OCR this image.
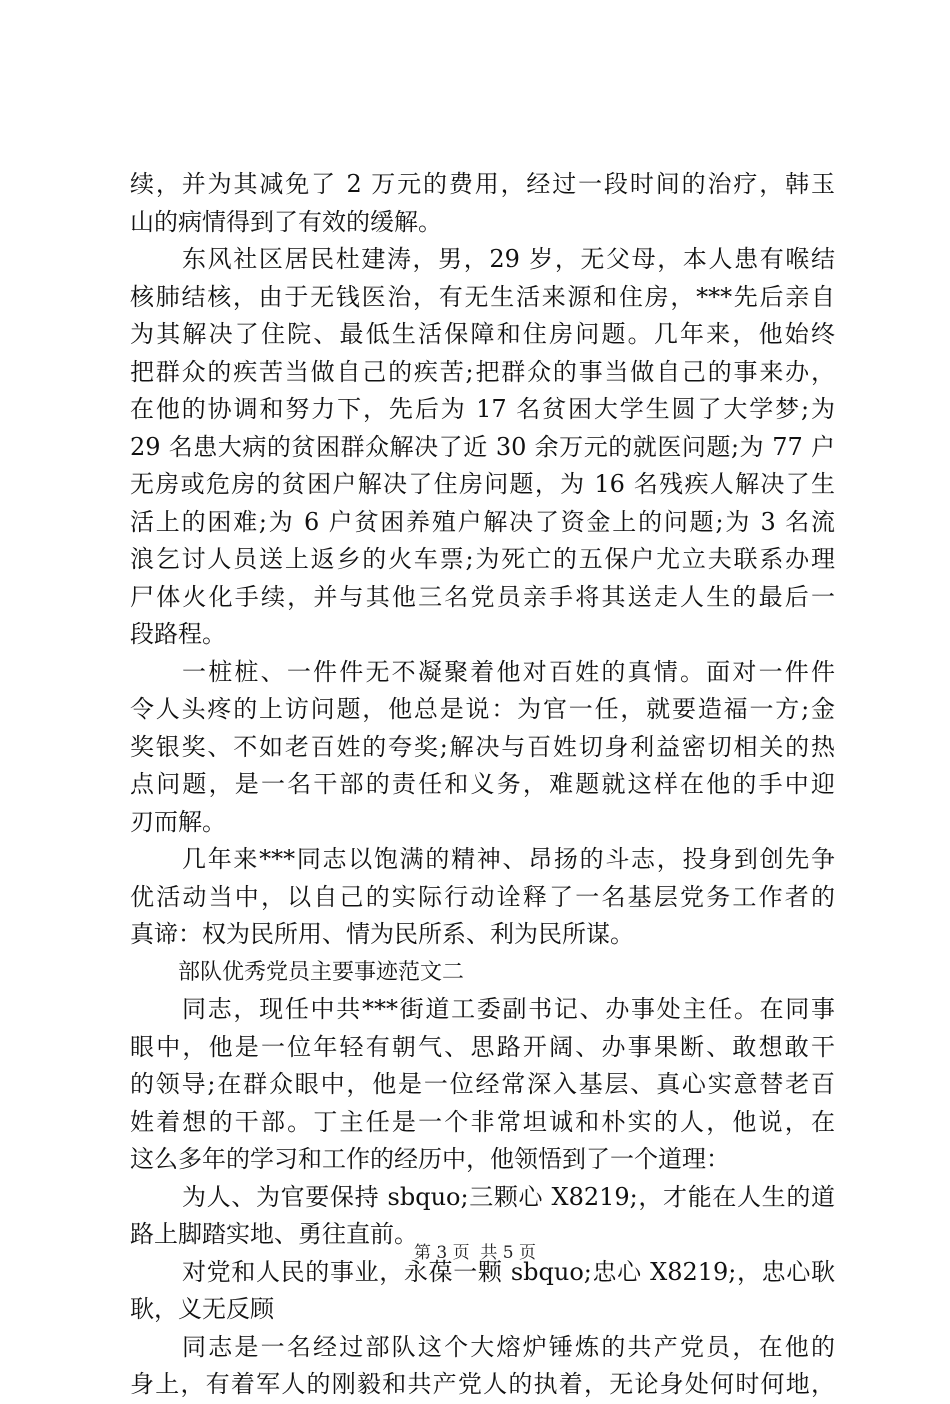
续，并为其减免了 2 万元的费用，经过一段时间的治疗，韩玉
山的病情得到了有效的缓解。
东风社区居民杜建涛，男，29 岁，无父母，本人患有喉结
核肺结核，由于无钱医治，有无生活来源和住房，***先后亲自
为其解决了住院、最低生活保障和住房问题。几年来，他始终
把群众的疾苦当做自己的疾苦;把群众的事当做自己的事来办，
在他的协调和努力下，先后为 17 名贫困大学生圆了大学梦;为
29 名患大病的贫困群众解决了近 30 余万元的就医问题;为 77 户
无房或危房的贫困户解决了住房问题，为 16 名残疾人解决了生
活上的困难;为 6 户贫困养殖户解决了资金上的问题;为 3 名流
浪乞讨人员送上返乡的火车票;为死亡的五保户尤立夫联系办理
尸体火化手续，并与其他三名党员亲手将其送走人生的最后一
段路程。
一桩桩、一件件无不凝聚着他对百姓的真情。面对一件件
令人头疼的上访问题，他总是说：为官一任，就要造福一方;金
奖银奖、不如老百姓的夸奖;解决与百姓切身利益密切相关的热
点问题，是一名干部的责任和义务，难题就这样在他的手中迎
刃而解。
几年来***同志以饱满的精神、昂扬的斗志，投身到创先争
优活动当中，以自己的实际行动诠释了一名基层党务工作者的
真谛：权为民所用、情为民所系、利为民所谋。
部队优秀党员主要事迹范文二
同志，现任中共***街道工委副书记、办事处主任。在同事
眼中，他是一位年轻有朝气、思路开阔、办事果断、敢想敢干
的领导;在群众眼中，他是一位经常深入基层、真心实意替老百
姓着想的干部。丁主任是一个非常坦诚和朴实的人，他说，在
这么多年的学习和工作的经历中，他领悟到了一个道理：
为人、为官要保持 sbquo;三颗心 X8219;，才能在人生的道
路上脚踏实地、勇往直前。
对党和人民的事业，永葆一颗 sbquo;忠心 X8219;，忠心耿
耿，义无反顾
同志是一名经过部队这个大熔炉锤炼的共产党员，在他的
身上，有着军人的刚毅和共产党人的执着，无论身处何时何地，
第 3 页  共 5 页
